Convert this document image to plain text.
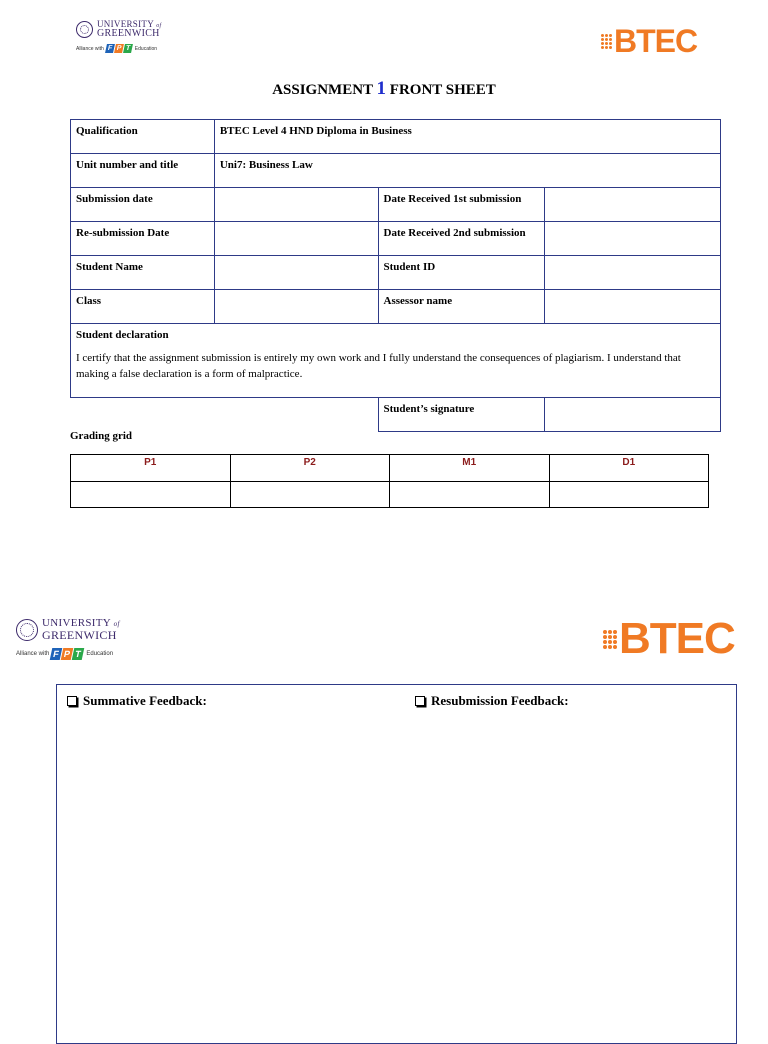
UNIVERSITY of
GREENWICH
Alliance with F P T Education	BTEC
ASSIGNMENT 1 FRONT SHEET
Qualification	BTEC Level 4 HND Diploma in Business		
Unit number and title	Uni7: Business Law		
Submission date		Date Received 1st submission	
Re-submission Date		Date Received 2nd submission	
Student Name		Student ID	
Class		Assessor name	

Student declaration
I certify that the assignment submission is entirely my own work and I fully understand the consequences of plagiarism. I understand that making a false declaration is a form of malpractice.			

		Student’s signature	
Grading grid
P1	P2	M1	D1

UNIVERSITY of
GREENWICH
Alliance with F P T Education	BTEC
Summative Feedback:	Resubmission Feedback:
